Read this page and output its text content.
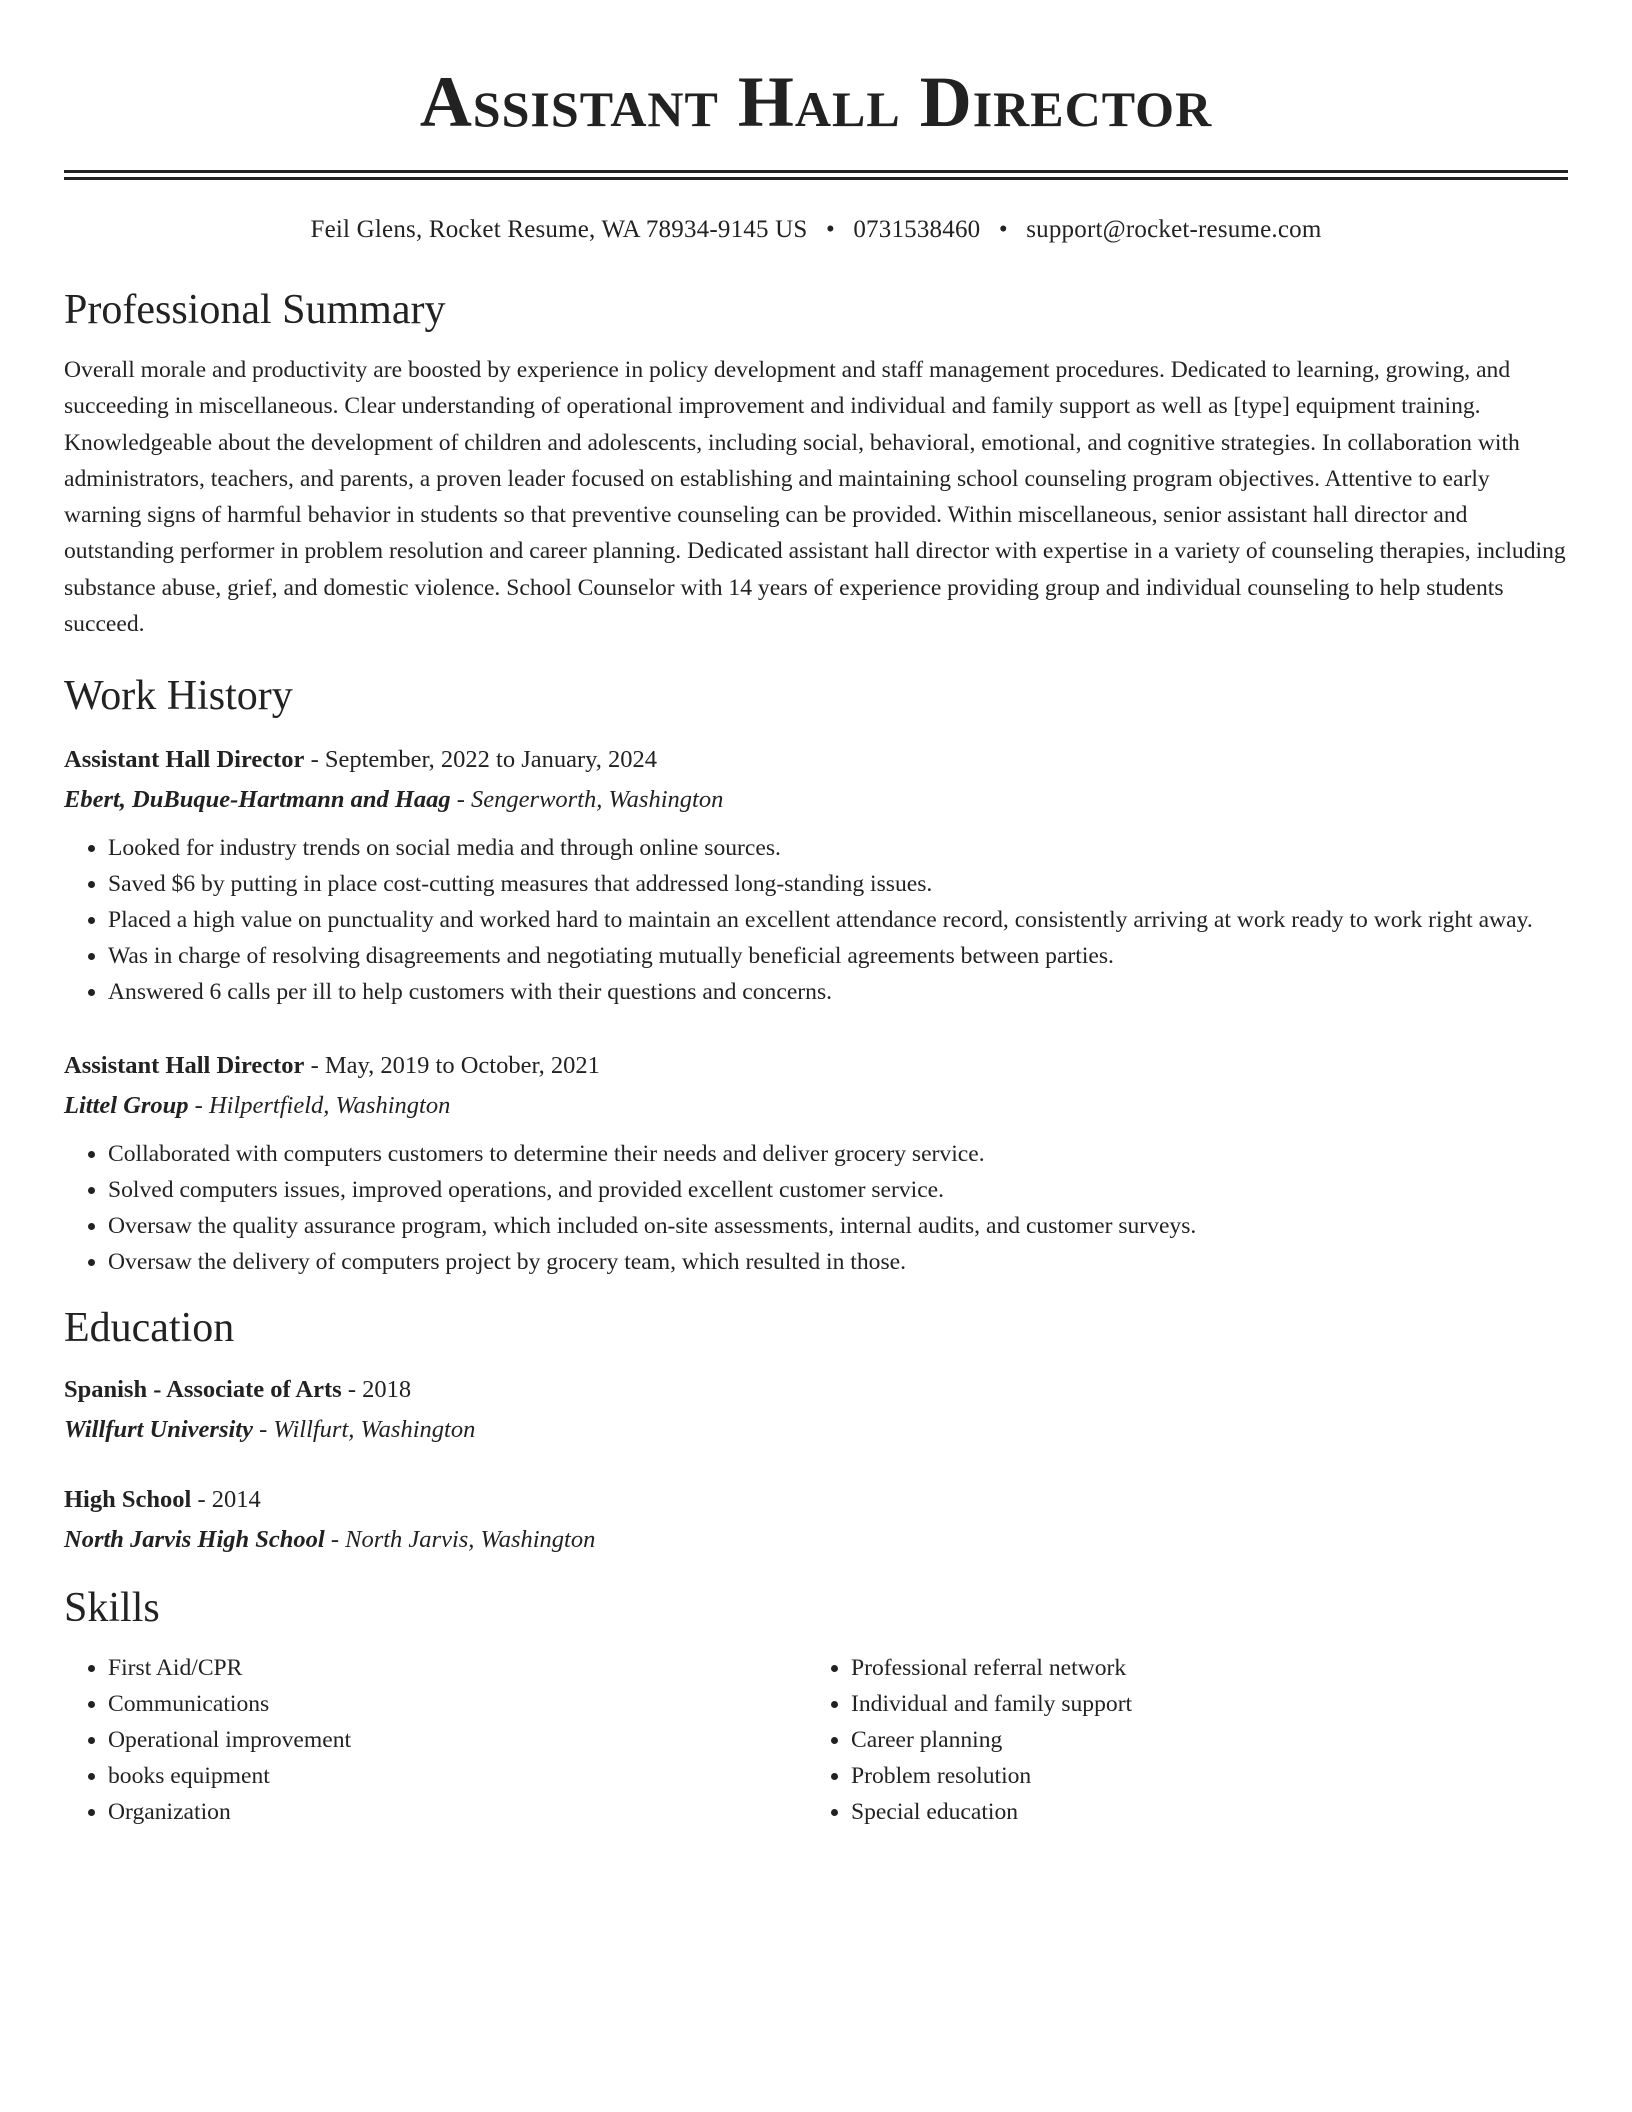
Assistant Hall Director
Feil Glens, Rocket Resume, WA 78934-9145 US • 0731538460 • support@rocket-resume.com
Professional Summary
Overall morale and productivity are boosted by experience in policy development and staff management procedures. Dedicated to learning, growing, and succeeding in miscellaneous. Clear understanding of operational improvement and individual and family support as well as [type] equipment training. Knowledgeable about the development of children and adolescents, including social, behavioral, emotional, and cognitive strategies. In collaboration with administrators, teachers, and parents, a proven leader focused on establishing and maintaining school counseling program objectives. Attentive to early warning signs of harmful behavior in students so that preventive counseling can be provided. Within miscellaneous, senior assistant hall director and outstanding performer in problem resolution and career planning. Dedicated assistant hall director with expertise in a variety of counseling therapies, including substance abuse, grief, and domestic violence. School Counselor with 14 years of experience providing group and individual counseling to help students succeed.
Work History
Assistant Hall Director - September, 2022 to January, 2024
Ebert, DuBuque-Hartmann and Haag - Sengerworth, Washington
• Looked for industry trends on social media and through online sources.
• Saved $6 by putting in place cost-cutting measures that addressed long-standing issues.
• Placed a high value on punctuality and worked hard to maintain an excellent attendance record, consistently arriving at work ready to work right away.
• Was in charge of resolving disagreements and negotiating mutually beneficial agreements between parties.
• Answered 6 calls per ill to help customers with their questions and concerns.
Assistant Hall Director - May, 2019 to October, 2021
Littel Group - Hilpertfield, Washington
• Collaborated with computers customers to determine their needs and deliver grocery service.
• Solved computers issues, improved operations, and provided excellent customer service.
• Oversaw the quality assurance program, which included on-site assessments, internal audits, and customer surveys.
• Oversaw the delivery of computers project by grocery team, which resulted in those.
Education
Spanish - Associate of Arts - 2018
Willfurt University - Willfurt, Washington
High School - 2014
North Jarvis High School - North Jarvis, Washington
Skills
• First Aid/CPR
• Communications
• Operational improvement
• books equipment
• Organization
• Professional referral network
• Individual and family support
• Career planning
• Problem resolution
• Special education
